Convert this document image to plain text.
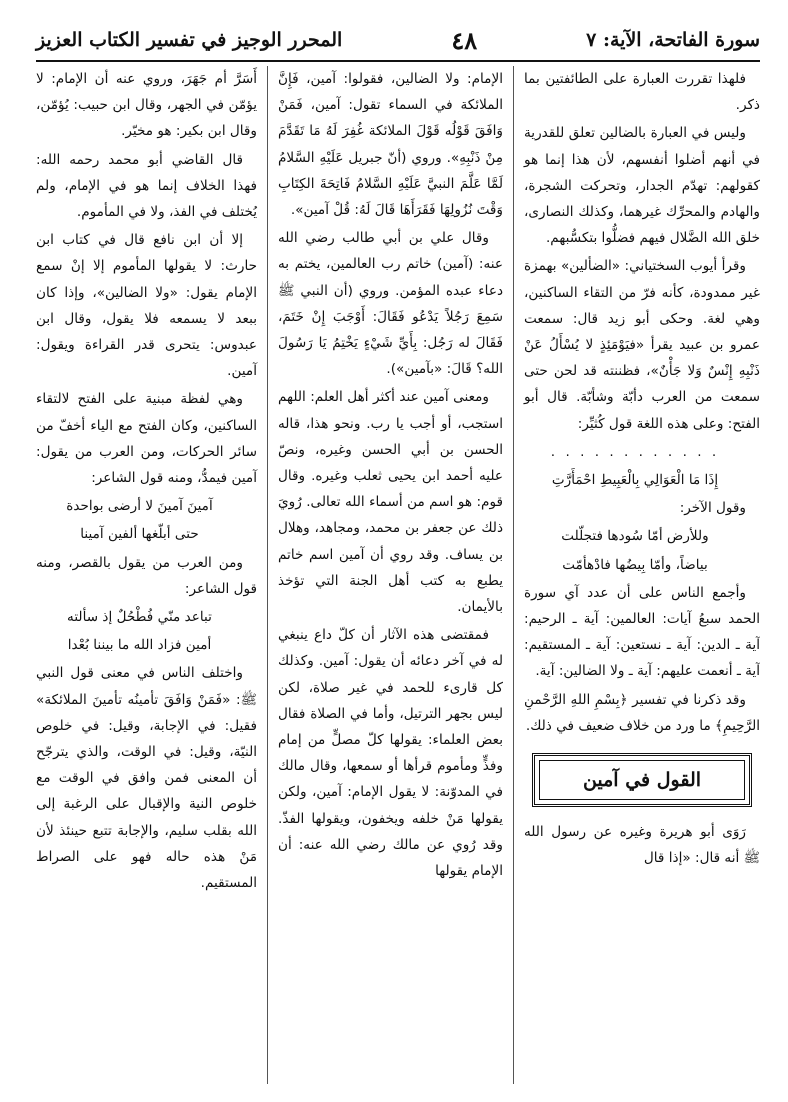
سورة الفاتحة، الآية: ٧
٤٨
المحرر الوجيز في تفسير الكتاب العزيز

فلهذا تقررت العبارة على الطائفتين بما ذكر.

وليس في العبارة بالضالين تعلق للقدرية في أنهم أضلوا أنفسهم، لأن هذا إنما هو كقولهم: تهدّم الجدار، وتحركت الشجرة، والهادم والمحرِّك غيرهما، وكذلك النصارى، خلق الله الضَّلال فيهم فضلُّوا بتكسُّبهم.

وقرأ أيوب السختياني: «الضألين» بهمزة غير ممدودة، كأنه فرّ من التقاء الساكنين، وهي لغة. وحكى أبو زيد قال: سمعت عمرو بن عبيد يقرأ «فيَوْمَئِذٍ لا يُسْأَلُ عَنْ ذَنْبِهِ إِنْسٌ وَلا جَأْنٌ»، فظننته قد لحن حتى سمعت من العرب دأبّة وشأبّة. قال أبو الفتح: وعلى هذه اللغة قول كُثيِّر:

. . . . . . . . . . . .

إِذَا مَا الْعَوَالِي بِالْعَبِيطِ احْمَأَرَّتِ

وقول الآخر:

وللأرض أمّا سُودها فتجلّلت

بياضاً، وأمّا بِيضُها فادْهأمّت

وأجمع الناس على أن عدد آي سورة الحمد سبعُ آيات: العالمين: آية ـ الرحيم: آية ـ الدين: آية ـ نستعين: آية ـ المستقيم: آية ـ أنعمت عليهم: آية ـ ولا الضالين: آية.

وقد ذكرنا في تفسير ﴿بِسْمِ اللهِ الرَّحْمنِ الرَّحِيمِ﴾ ما ورد من خلاف ضعيف في ذلك.

القول في آمين

رَوَى أبو هريرة وغيره عن رسول الله ﷺ أنه قال: «إذا قال

الإمام: ولا الضالين، فقولوا: آمين، فَإِنَّ الملائكة في السماء تقول: آمين، فَمَنْ وَافَقَ قَوْلُه قَوْلَ الملائكة غُفِرَ لَهُ مَا تَقَدَّمَ مِنْ ذَنْبِهِ». وروي (أنّ جبريل عَلَيْهِ السَّلامُ لَمَّا عَلَّمَ النبيَّ عَلَيْهِ السَّلامُ فَاتِحَةَ الكِتَابِ وَقْتَ نُزُولِهَا فَقَرَأَهَا قَالَ لَهُ: قُلْ آمين».

وقال علي بن أبي طالب رضي الله عنه: (آمين) خاتم رب العالمين، يختم به دعاء عبده المؤمن. وروي (أن النبي ﷺ سَمِعَ رَجُلاً يَدْعُو فَقَالَ: أَوْجَبَ إِنْ خَتَمَ، فَقَالَ له رَجُل: بِأَيِّ شَيْءٍ يَخْتِمُ يَا رَسُولَ الله؟ قَالَ: «بآمين»).

ومعنى آمين عند أكثر أهل العلم: اللهم استجب، أو أجب يا رب. ونحو هذا، قاله الحسن بن أبي الحسن وغيره، ونصّ عليه أحمد ابن يحيى ثعلب وغيره. وقال قوم: هو اسم من أسماء الله تعالى. رُويَ ذلك عن جعفر بن محمد، ومجاهد، وهلال بن يساف. وقد روي أن آمين اسم خاتم يطبع به كتب أهل الجنة التي تؤخذ بالأيمان.

فمقتضى هذه الآثار أن كلّ داع ينبغي له في آخر دعائه أن يقول: آمين. وكذلك كل قارىء للحمد في غير صلاة، لكن ليس بجهر الترتيل، وأما في الصلاة فقال بعض العلماء: يقولها كلّ مصلٍّ من إمام وفذٍّ ومأموم قرأها أو سمعها، وقال مالك في المدوّنة: لا يقول الإمام: آمين، ولكن يقولها مَنْ خلفه ويخفون، ويقولها الفذّ. وقد رُوي عن مالك رضي الله عنه: أن الإمام يقولها

أَسَرَّ أم جَهَرَ، وروي عنه أن الإمام: لا يؤمّن في الجهر، وقال ابن حبيب: يُؤمّن، وقال ابن بكير: هو مخيّر.

قال القاضي أبو محمد رحمه الله: فهذا الخلاف إنما هو في الإمام، ولم يُختلف في الفذ، ولا في المأموم.

إلا أن ابن نافع قال في كتاب ابن حارث: لا يقولها المأموم إلا إنْ سمع الإمام يقول: «ولا الضالين»، وإذا كان ببعد لا يسمعه فلا يقول، وقال ابن عبدوس: يتحرى قدر القراءة ويقول: آمين.

وهي لفظة مبنية على الفتح لالتقاء الساكنين، وكان الفتح مع الياء أخفّ من سائر الحركات، ومن العرب من يقول: آمين فيمدُّ، ومنه قول الشاعر:

آمينَ آمينَ لا أرضى بواحدة

حتى أبلّغها ألفين آمينا

ومن العرب من يقول بالقصر، ومنه قول الشاعر:

تباعد منّي فُطْحُلٌ إذ سألته

أمين فزاد الله ما بيننا بُعْدا

واختلف الناس في معنى قول النبي ﷺ: «فَمَنْ وَافَقَ تأمينُه تأمينَ الملائكة» فقيل: في الإجابة، وقيل: في خلوص النيّة، وقيل: في الوقت، والذي يترجّح أن المعنى فمن وافق في الوقت مع خلوص النية والإقبال على الرغبة إلى الله بقلب سليم، والإجابة تتبع حينئذ لأن مَنْ هذه حاله فهو على الصراط المستقيم.
